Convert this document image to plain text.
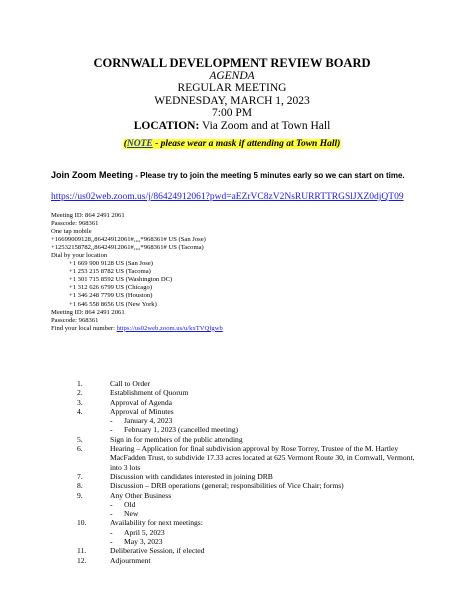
CORNWALL DEVELOPMENT REVIEW BOARD
AGENDA
REGULAR MEETING
WEDNESDAY, MARCH 1, 2023
7:00 PM
LOCATION: Via Zoom and at Town Hall
(NOTE - please wear a mask if attending at Town Hall)
Join Zoom Meeting - Please try to join the meeting 5 minutes early so we can start on time.
https://us02web.zoom.us/j/86424912061?pwd=aEZrVC8zV2NsRURRTTRGSlJXZ0djQT09
Meeting ID: 864 2491 2061
Passcode: 968361
One tap mobile
+16699009128,,86424912061#,,,,*968361# US (San Jose)
+12532158782,,86424912061#,,,,*968361# US (Tacoma)
Dial by your location
+1 669 900 9128 US (San Jose)
+1 253 215 8782 US (Tacoma)
+1 301 715 8592 US (Washington DC)
+1 312 626 6799 US (Chicago)
+1 346 248 7799 US (Houston)
+1 646 558 8656 US (New York)
Meeting ID: 864 2491 2061
Passcode: 968361
Find your local number: https://us02web.zoom.us/u/kxTVQfgwb
1.	Call to Order
2.	Establishment of Quorum
3.	Approval of Agenda
4.	Approval of Minutes
-	January 4, 2023
-	February 1, 2023 (cancelled meeting)
5.	Sign in for members of the public attending
6.	Hearing – Application for final subdivision approval by Rose Torrey, Trustee of the M. Hartley MacFadden Trust, to subdivide 17.33 acres located at 625 Vermont Route 30, in Cornwall, Vermont, into 3 lots
7.	Discussion with candidates interested in joining DRB
8.	Discussion – DRB operations (general; responsibilities of Vice Chair; forms)
9.	Any Other Business
-	Old
-	New
10.	Availability for next meetings:
-	April 5, 2023
-	May 3, 2023
11.	Deliberative Session, if elected
12.	Adjournment
